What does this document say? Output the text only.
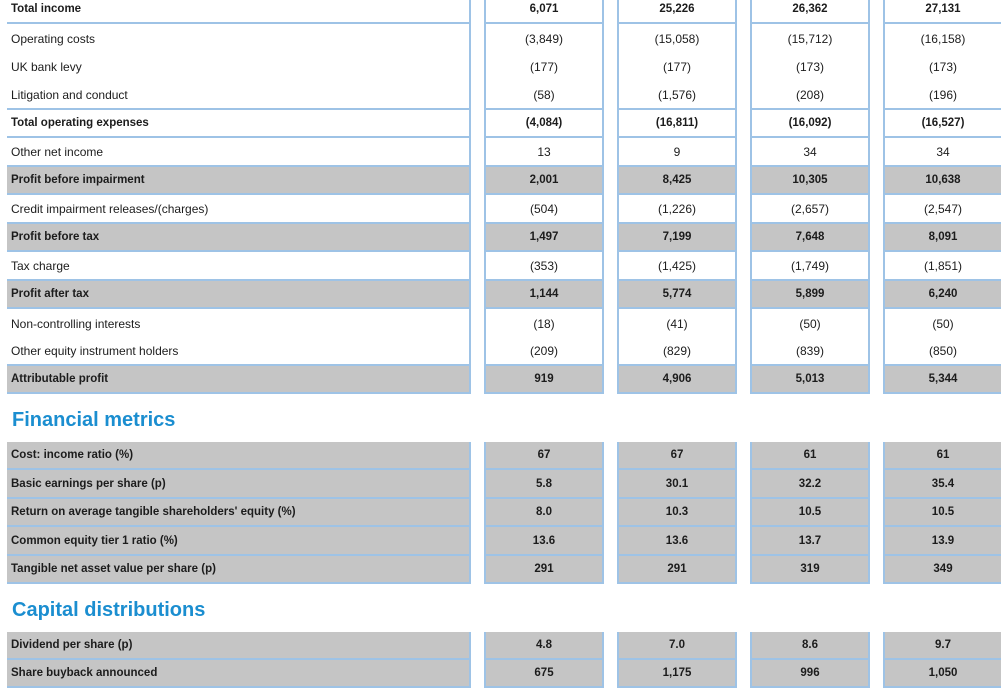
Total income	6,071	25,226	26,362	27,131
Operating costs	(3,849)	(15,058)	(15,712)	(16,158)
UK bank levy	(177)	(177)	(173)	(173)
Litigation and conduct	(58)	(1,576)	(208)	(196)
Total operating expenses	(4,084)	(16,811)	(16,092)	(16,527)
Other net income	13	9	34	34
Profit before impairment	2,001	8,425	10,305	10,638
Credit impairment releases/(charges)	(504)	(1,226)	(2,657)	(2,547)
Profit before tax	1,497	7,199	7,648	8,091
Tax charge	(353)	(1,425)	(1,749)	(1,851)
Profit after tax	1,144	5,774	5,899	6,240
Non-controlling interests	(18)	(41)	(50)	(50)
Other equity instrument holders	(209)	(829)	(839)	(850)
Attributable profit	919	4,906	5,013	5,344
Financial metrics
Cost: income ratio (%)	67	67	61	61
Basic earnings per share (p)	5.8	30.1	32.2	35.4
Return on average tangible shareholders' equity (%)	8.0	10.3	10.5	10.5
Common equity tier 1 ratio (%)	13.6	13.6	13.7	13.9
Tangible net asset value per share (p)	291	291	319	349
Capital distributions
Dividend per share (p)	4.8	7.0	8.6	9.7
Share buyback announced	675	1,175	996	1,050
